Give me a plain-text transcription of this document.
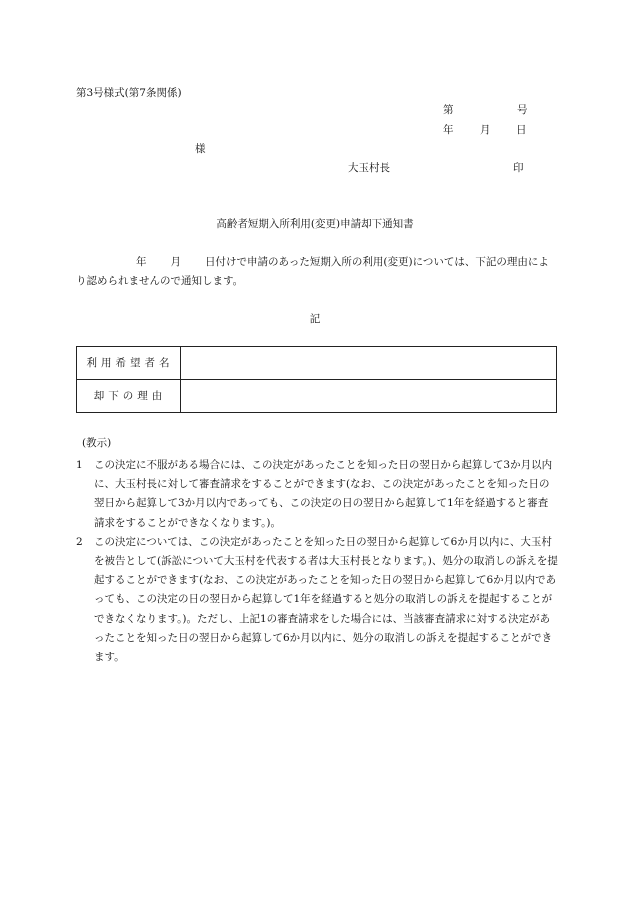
第3号様式(第7条関係)
第	号
年	月 日
様
大玉村長	印
高齢者短期入所利用(変更)申請却下通知書
年 月 日付けで申請のあった短期入所の利用(変更)については、下記の理由により認められませんので通知します。
記
利用希望者名	
却下の理由	
(教示)
1	この決定に不服がある場合には、この決定があったことを知った日の翌日から起算して3か月以内に、大玉村長に対して審査請求をすることができます(なお、この決定があったことを知った日の翌日から起算して3か月以内であっても、この決定の日の翌日から起算して1年を経過すると審査請求をすることができなくなります。)。
2	この決定については、この決定があったことを知った日の翌日から起算して6か月以内に、大玉村を被告として(訴訟について大玉村を代表する者は大玉村長となります。)、処分の取消しの訴えを提起することができます(なお、この決定があったことを知った日の翌日から起算して6か月以内であっても、この決定の日の翌日から起算して1年を経過すると処分の取消しの訴えを提起することができなくなります。)。ただし、上記1の審査請求をした場合には、当該審査請求に対する決定があったことを知った日の翌日から起算して6か月以内に、処分の取消しの訴えを提起することができます。
